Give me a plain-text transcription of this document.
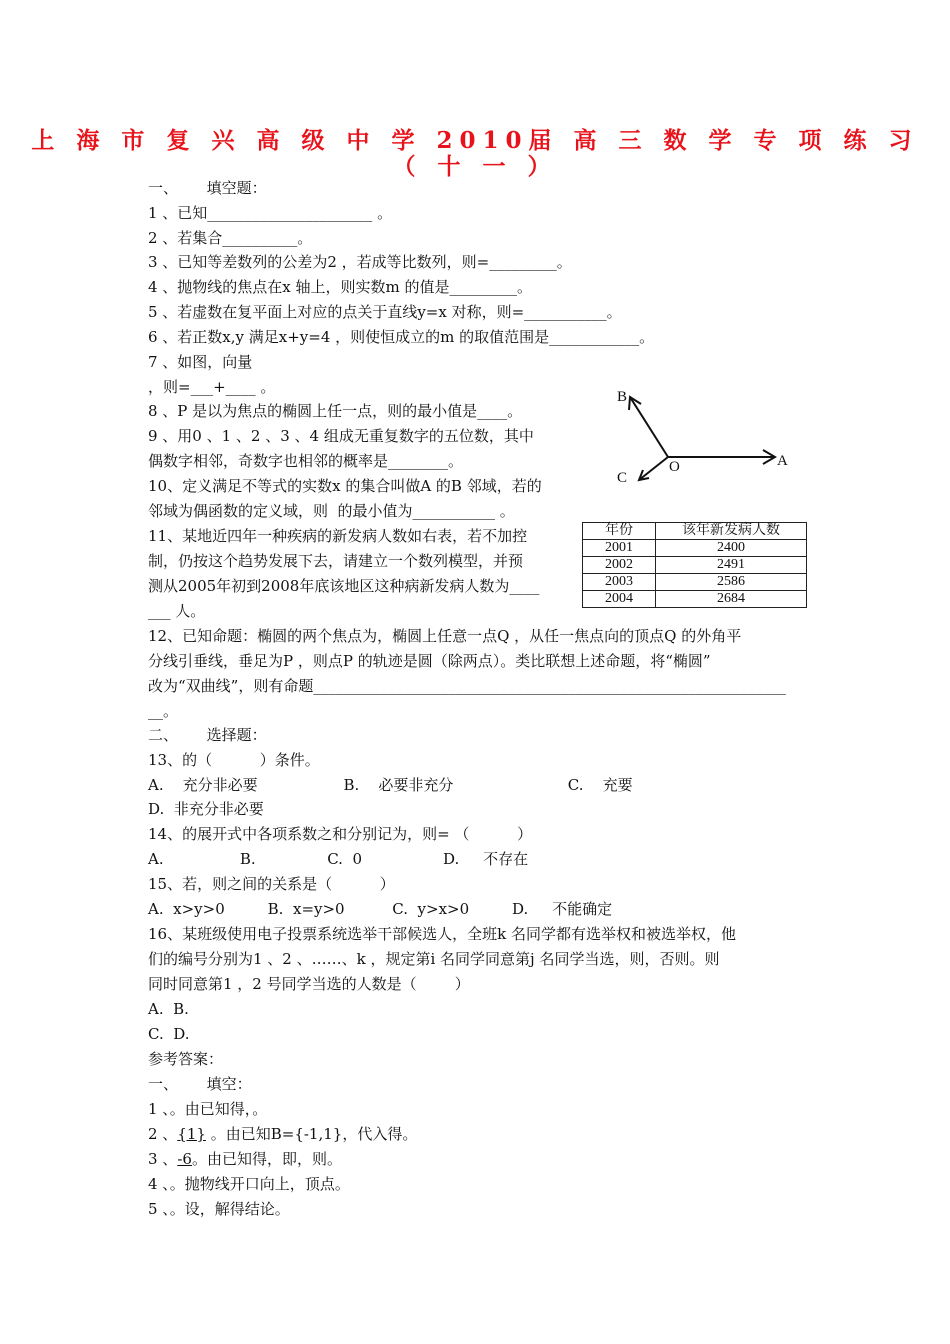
上 海 市 复 兴 高 级 中 学 2010届 高 三 数 学 专 项 练 习
（ 十 一 ）
一、      填空题：
1 、已知______________________ 。
2 、若集合__________。
3 、已知等差数列的公差为2 ，若成等比数列，则=_________。
4 、抛物线的焦点在x 轴上，则实数m 的值是_________。
5 、若虚数在复平面上对应的点关于直线y=x 对称，则=___________。
6 、若正数x,y 满足x+y=4 ，则使恒成立的m 的取值范围是____________。
7 、如图，向量
，则=___+____ 。
8 、P 是以为焦点的椭圆上任一点，则的最小值是____。
9 、用0 、1 、2 、3 、4 组成无重复数字的五位数，其中
偶数字相邻，奇数字也相邻的概率是________。
10、定义满足不等式的实数x 的集合叫做A 的B 邻域，若的
邻域为偶函数的定义域，则  的最小值为___________ 。
11、某地近四年一种疾病的新发病人数如右表，若不加控
制，仍按这个趋势发展下去，请建立一个数列模型，并预
测从2005年初到2008年底该地区这种病新发病人数为____
___ 人。
12、已知命题：椭圆的两个焦点为，椭圆上任意一点Q ，从任一焦点向的顶点Q 的外角平
分线引垂线，垂足为P ，则点P 的轨迹是圆（除两点）。类比联想上述命题，将“椭圆”
改为“双曲线”，则有命题_______________________________________________________________
__。
二、      选择题：
13、的（          ）条件。
A.    充分非必要                  B.    必要非充分                        C.    充要
D.  非充分非必要
14、的展开式中各项系数之和分别记为，则= （          ）
A.                B.               C.  0                 D.     不存在
15、若，则之间的关系是（          ）
A.  x>y>0         B.  x=y>0          C.  y>x>0         D.     不能确定
16、某班级使用电子投票系统选举干部候选人，全班k 名同学都有选举权和被选举权，他
们的编号分别为1 、2 、……、k ，规定第i 名同学同意第j 名同学当选，则，否则。则
同时同意第1 ，2 号同学当选的人数是（        ）
A.  B.
C.  D.
参考答案：
一、      填空：
1 、。由已知得，。
2 、{1} 。由已知B={-1,1}，代入得。
3 、-6。由已知得，即，则。
4 、。抛物线开口向上，顶点。
5 、。设，解得结论。
B
O	A
C
年份	该年新发病人数
2001	2400
2002	2491
2003	2586
2004	2684
